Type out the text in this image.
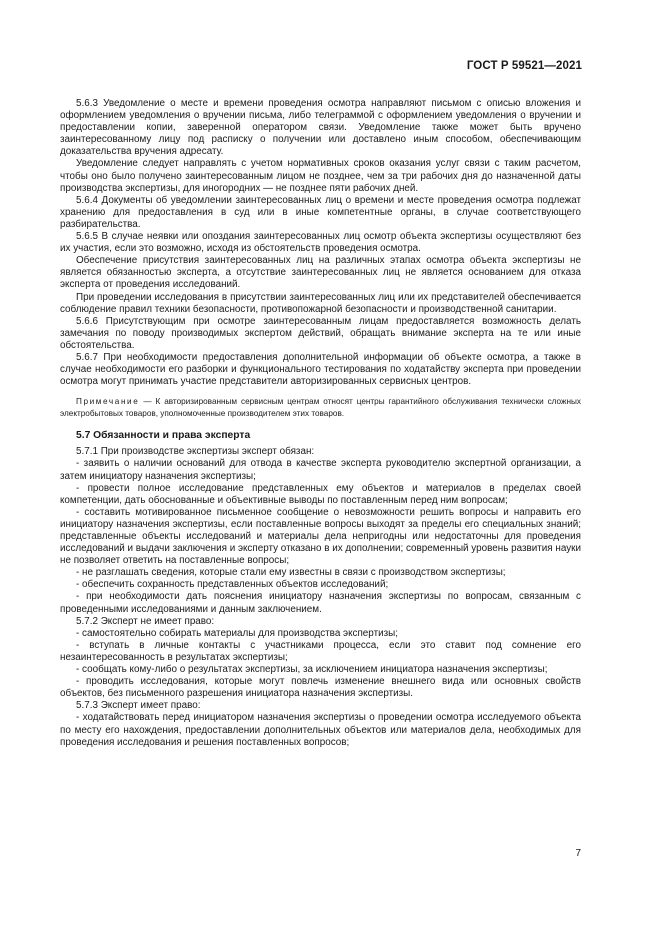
ГОСТ Р 59521—2021

5.6.3 Уведомление о месте и времени проведения осмотра направляют письмом с описью вложения и оформлением уведомления о вручении письма, либо телеграммой с оформлением уведомления о вручении и предоставлении копии, заверенной оператором связи. Уведомление также может быть вручено заинтересованному лицу под расписку о получении или доставлено иным способом, обеспечивающим доказательства вручения адресату.

Уведомление следует направлять с учетом нормативных сроков оказания услуг связи с таким расчетом, чтобы оно было получено заинтересованным лицом не позднее, чем за три рабочих дня до назначенной даты производства экспертизы, для иногородних — не позднее пяти рабочих дней.

5.6.4 Документы об уведомлении заинтересованных лиц о времени и месте проведения осмотра подлежат хранению для предоставления в суд или в иные компетентные органы, в случае соответствующего разбирательства.

5.6.5 В случае неявки или опоздания заинтересованных лиц осмотр объекта экспертизы осуществляют без их участия, если это возможно, исходя из обстоятельств проведения осмотра.

Обеспечение присутствия заинтересованных лиц на различных этапах осмотра объекта экспертизы не является обязанностью эксперта, а отсутствие заинтересованных лиц не является основанием для отказа эксперта от проведения исследований.

При проведении исследования в присутствии заинтересованных лиц или их представителей обеспечивается соблюдение правил техники безопасности, противопожарной безопасности и производственной санитарии.

5.6.6 Присутствующим при осмотре заинтересованным лицам предоставляется возможность делать замечания по поводу производимых экспертом действий, обращать внимание эксперта на те или иные обстоятельства.

5.6.7 При необходимости предоставления дополнительной информации об объекте осмотра, а также в случае необходимости его разборки и функционального тестирования по ходатайству эксперта при проведении осмотра могут принимать участие представители авторизированных сервисных центров.

Примечание — К авторизированным сервисным центрам относят центры гарантийного обслуживания технически сложных электробытовых товаров, уполномоченные производителем этих товаров.

5.7 Обязанности и права эксперта

5.7.1 При производстве экспертизы эксперт обязан:

- заявить о наличии оснований для отвода в качестве эксперта руководителю экспертной организации, а затем инициатору назначения экспертизы;

- провести полное исследование представленных ему объектов и материалов в пределах своей компетенции, дать обоснованные и объективные выводы по поставленным перед ним вопросам;

- составить мотивированное письменное сообщение о невозможности решить вопросы и направить его инициатору назначения экспертизы, если поставленные вопросы выходят за пределы его специальных знаний; представленные объекты исследований и материалы дела непригодны или недостаточны для проведения исследований и выдачи заключения и эксперту отказано в их дополнении; современный уровень развития науки не позволяет ответить на поставленные вопросы;

- не разглашать сведения, которые стали ему известны в связи с производством экспертизы;

- обеспечить сохранность представленных объектов исследований;

- при необходимости дать пояснения инициатору назначения экспертизы по вопросам, связанным с проведенными исследованиями и данным заключением.

5.7.2 Эксперт не имеет право:

- самостоятельно собирать материалы для производства экспертизы;

- вступать в личные контакты с участниками процесса, если это ставит под сомнение его незаинтересованность в результатах экспертизы;

- сообщать кому-либо о результатах экспертизы, за исключением инициатора назначения экспертизы;

- проводить исследования, которые могут повлечь изменение внешнего вида или основных свойств объектов, без письменного разрешения инициатора назначения экспертизы.

5.7.3 Эксперт имеет право:

- ходатайствовать перед инициатором назначения экспертизы о проведении осмотра исследуемого объекта по месту его нахождения, предоставлении дополнительных объектов или материалов дела, необходимых для проведения исследования и решения поставленных вопросов;

7
